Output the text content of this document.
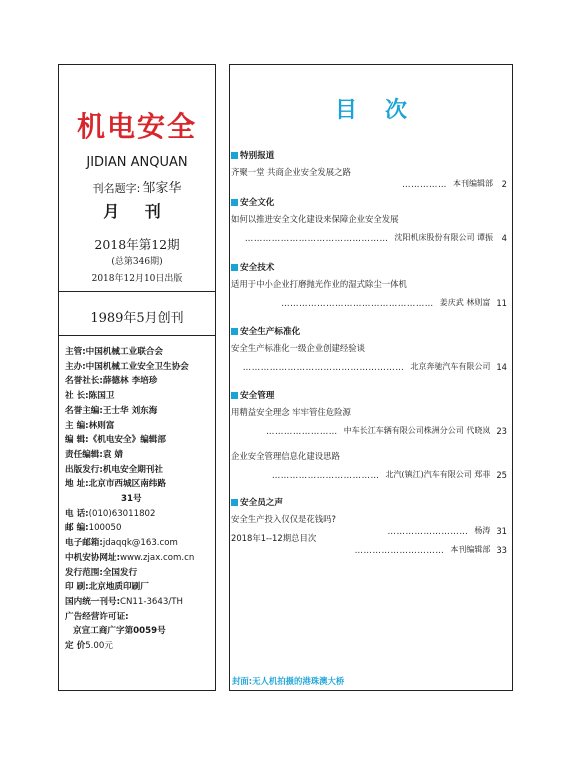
机电安全
JIDIAN ANQUAN
刊名题字: 邹家华
月 刊
2018年第12期
(总第346期)
2018年12月10日出版
1989年5月创刊
主管: 中国机械工业联合会
主办: 中国机械工业安全卫生协会
名誉社长: 薛德林 李培珍
社 长: 陈国卫
名誉主编: 王士华 刘东海
主 编: 林则富
编 辑: 《机电安全》编辑部
责任编辑: 袁 婧
出版发行: 机电安全期刊社
地 址: 北京市西城区南纬路
31号
电 话: (010)63011802
邮 编: 100050
电子邮箱: jdaqqk@163.com
中机安协网址: www.zjax.com.cn
发行范围: 全国发行
印 刷: 北京地质印刷厂
国内统一刊号: CN11-3643/TH
广告经营许可证:
京宣工商广字第0059号
定 价 5.00元
目次
特别报道
安全文化
安全技术
安全生产标准化
安全管理
安全员之声
齐聚一堂 共商企业安全发展之路
…………… 本刊编辑部	2
如何以推进安全文化建设来保障企业安全发展
………………………………………… 沈阳机床股份有限公司 谭振	4
适用于中小企业打磨抛光作业的湿式除尘一体机
…………………………………………… 姜庆武 林则富 11
安全生产标准化一级企业创建经验谈
……………………………………………… 北京奔驰汽车有限公司 14
用精益安全理念 牢牢管住危险源
…………………… 中车长江车辆有限公司株洲分公司 代晓岚 23
企业安全管理信息化建设思路
……………………………… 北汽(镇江)汽车有限公司 郑菲 25
安全生产投入仅仅是花钱吗?
……………………… 杨涛 31
2018年1--12期总目次
………………………… 本刊编辑部 33
封面:无人机拍摄的港珠澳大桥
